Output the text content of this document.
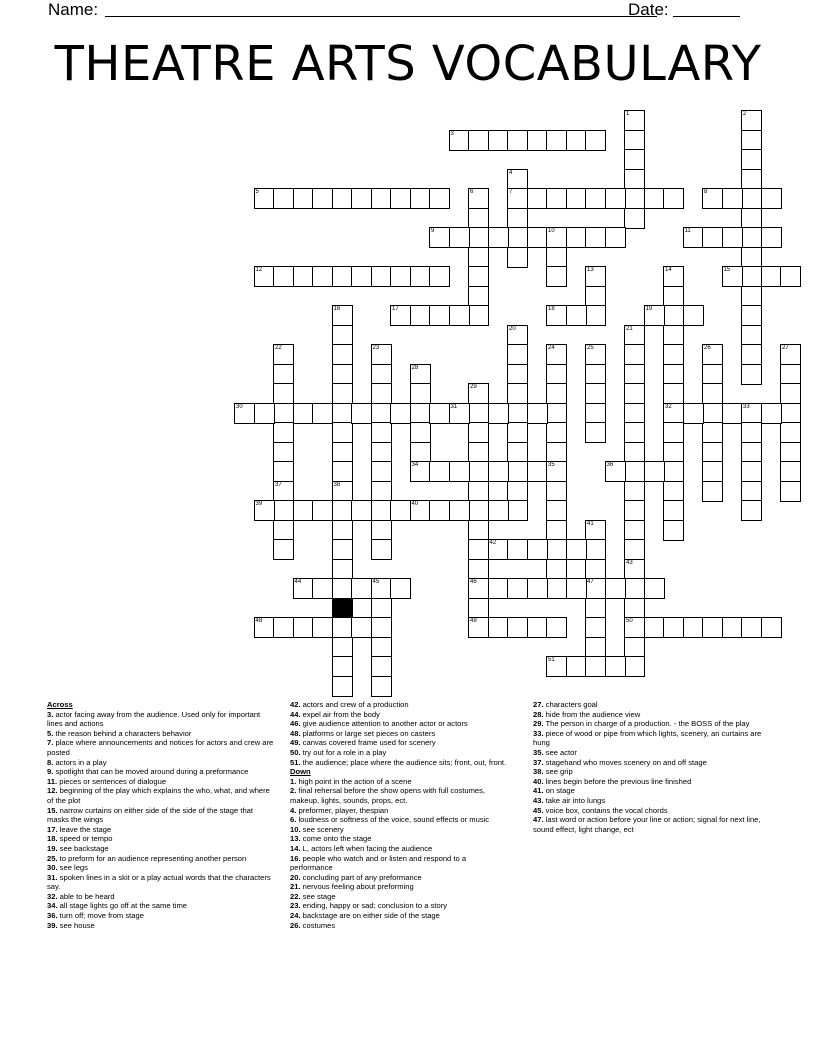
Name:	Date:
THEATRE ARTS VOCABULARY
1	2
3
4
7
5	6	8
9	10	11
12	13	14
32
15
16	17	18	19
20	21
43
50
22	23	24	25	26	27
28
29
46
49
30	31	33
34	35	36
37	38
39	40
41
47
42
44	45
48
51
Across
3. actor facing away from the audience. Used only for important lines and actions
5. the reason behind a characters behavior
7. place where announcements and notices for actors and crew are posted
8. actors in a play
9. spotlight that can be moved around during a preformance
11. pieces or sentences of dialogue
12. beginning of the play which explains the who, what, and where of the plot
15. narrow curtains on either side of the side of the stage that masks the wings
17. leave the stage
18. speed or tempo
19. see backstage
25. to preform for an audience representing another person
30. see legs
31. spoken lines in a skit or a play actual words that the characters say.
32. able to be heard
34. all stage lights go off at the same time
36. turn off; move from stage
39. see house
42. actors and crew of a production
44. expel air from the body
46. give audience attention to another actor or actors
48. platforms or large set pieces on casters
49. canvas covered frame used for scenery
50. try out for a role in a play
51. the audience; place where the audience sits; front, out, front.
Down
1. high point in the action of a scene
2. final rehersal before the show opens with full costumes, makeup, lights, sounds, props, ect.
4. preformer, player, thespian
6. loudness or softness of the voice, sound effects or music
10. see scenery
13. come onto the stage
14. L, actors left when facing the audience
16. people who watch and or listen and respond to a performance
20. concluding part of any preformance
21. nervous feeling about preforming
22. see stage
23. ending, happy or sad; conclusion to a story
24. backstage are on either side of the stage
26. costumes
27. characters goal
28. hide from the audience view
29. The person in charge of a production. - the BOSS of the play
33. piece of wood or pipe from which lights, scenery, an curtains are hung
35. see actor
37. stagehand who moves scenery on and off stage
38. see grip
40. lines begin before the previous line finished
41. on stage
43. take air into lungs
45. voice box, contains the vocal chords
47. last word or action before your line or action; signal for next line, sound effect, light change, ect
